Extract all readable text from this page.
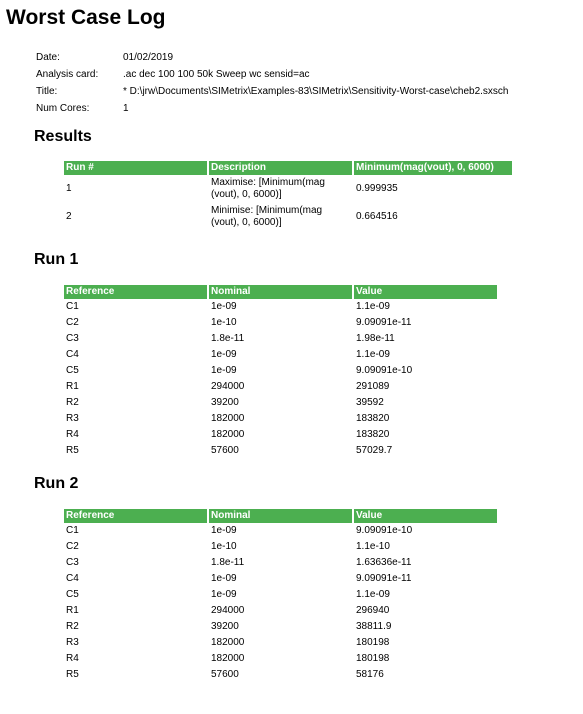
Worst Case Log
Date:	01/02/2019
Analysis card: .ac dec 100 100 50k Sweep wc sensid=ac
Title:	* D:\jrw\Documents\SIMetrix\Examples-83\SIMetrix\Sensitivity-Worst-case\cheb2.sxsch
Num Cores:	1
Results
Run #	Description	Minimum(mag(vout), 0, 6000)
1	Maximise: [Minimum(mag (vout), 0, 6000)]	0.999935
2	Minimise: [Minimum(mag (vout), 0, 6000)]	0.664516
Run 1
Reference	Nominal	Value
C1	1e-09	1.1e-09
C2	1e-10	9.09091e-11
C3	1.8e-11	1.98e-11
C4	1e-09	1.1e-09
C5	1e-09	9.09091e-10
R1	294000	291089
R2	39200	39592
R3	182000	183820
R4	182000	183820
R5	57600	57029.7
Run 2
Reference	Nominal	Value
C1	1e-09	9.09091e-10
C2	1e-10	1.1e-10
C3	1.8e-11	1.63636e-11
C4	1e-09	9.09091e-11
C5	1e-09	1.1e-09
R1	294000	296940
R2	39200	38811.9
R3	182000	180198
R4	182000	180198
R5	57600	58176
